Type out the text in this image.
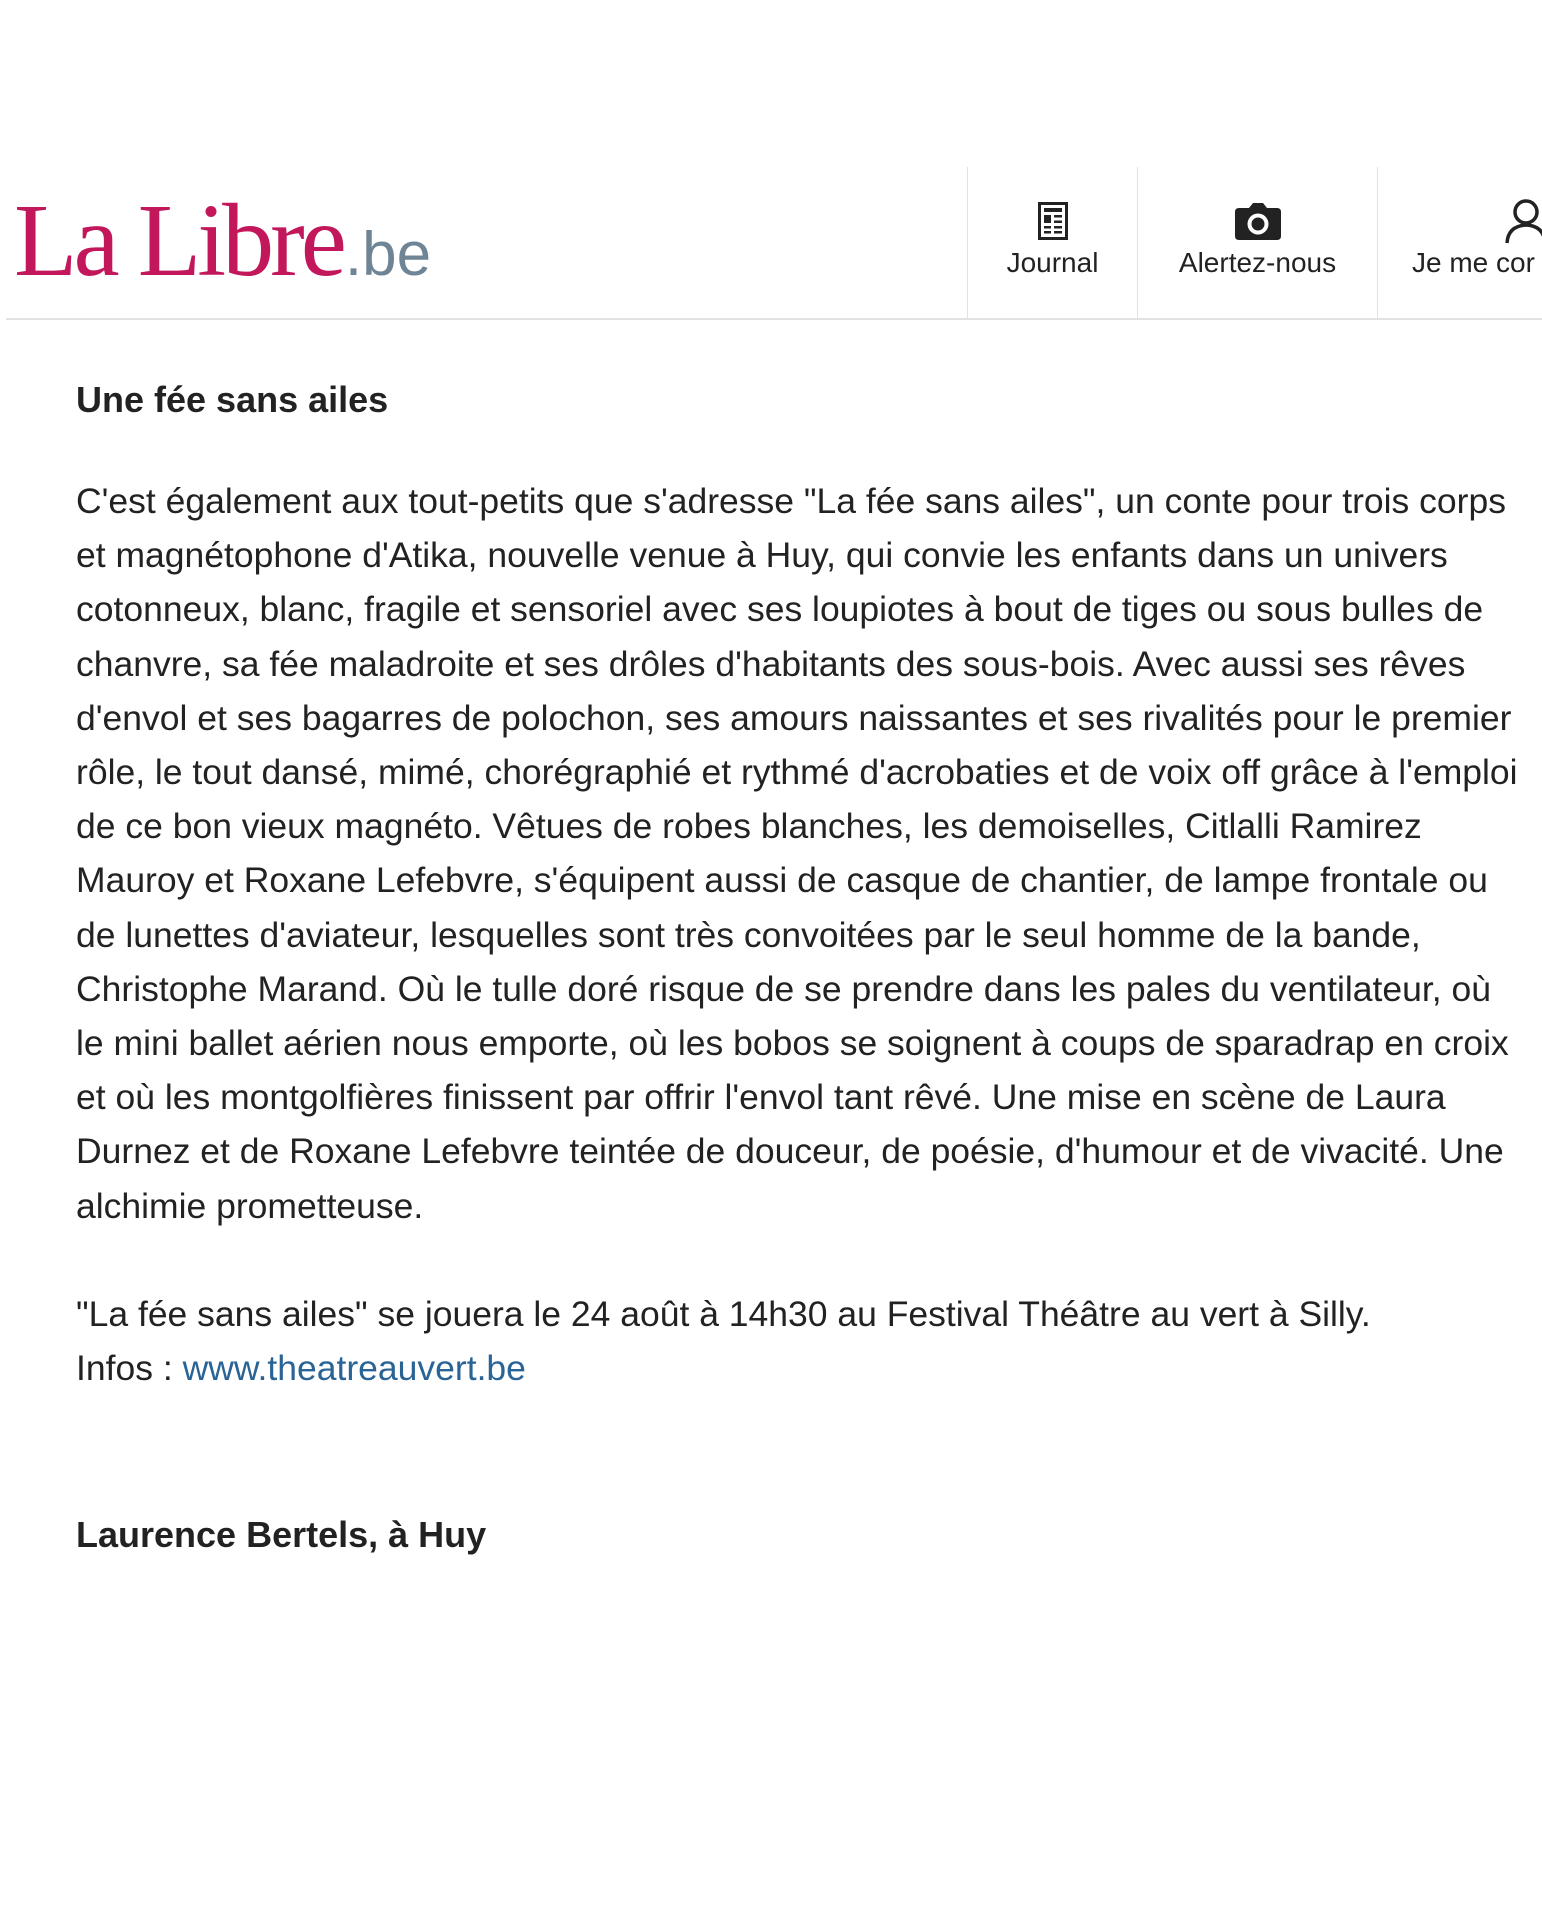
La Libre.be	Journal	Alertez-nous	Je me cor
Une fée sans ailes

C'est également aux tout-petits que s'adresse "La fée sans ailes", un conte pour trois corps et magnétophone d'Atika, nouvelle venue à Huy, qui convie les enfants dans un univers cotonneux, blanc, fragile et sensoriel avec ses loupiotes à bout de tiges ou sous bulles de chanvre, sa fée maladroite et ses drôles d'habitants des sous-bois. Avec aussi ses rêves d'envol et ses bagarres de polochon, ses amours naissantes et ses rivalités pour le premier rôle, le tout dansé, mimé, chorégraphié et rythmé d'acrobaties et de voix off grâce à l'emploi de ce bon vieux magnéto. Vêtues de robes blanches, les demoiselles, Citlalli Ramirez Mauroy et Roxane Lefebvre, s'équipent aussi de casque de chantier, de lampe frontale ou de lunettes d'aviateur, lesquelles sont très convoitées par le seul homme de la bande, Christophe Marand. Où le tulle doré risque de se prendre dans les pales du ventilateur, où le mini ballet aérien nous emporte, où les bobos se soignent à coups de sparadrap en croix et où les montgolfières finissent par offrir l'envol tant rêvé. Une mise en scène de Laura Durnez et de Roxane Lefebvre teintée de douceur, de poésie, d'humour et de vivacité. Une alchimie prometteuse.

"La fée sans ailes" se jouera le 24 août à 14h30 au Festival Théâtre au vert à Silly.
Infos : www.theatreauvert.be

Laurence Bertels, à Huy
